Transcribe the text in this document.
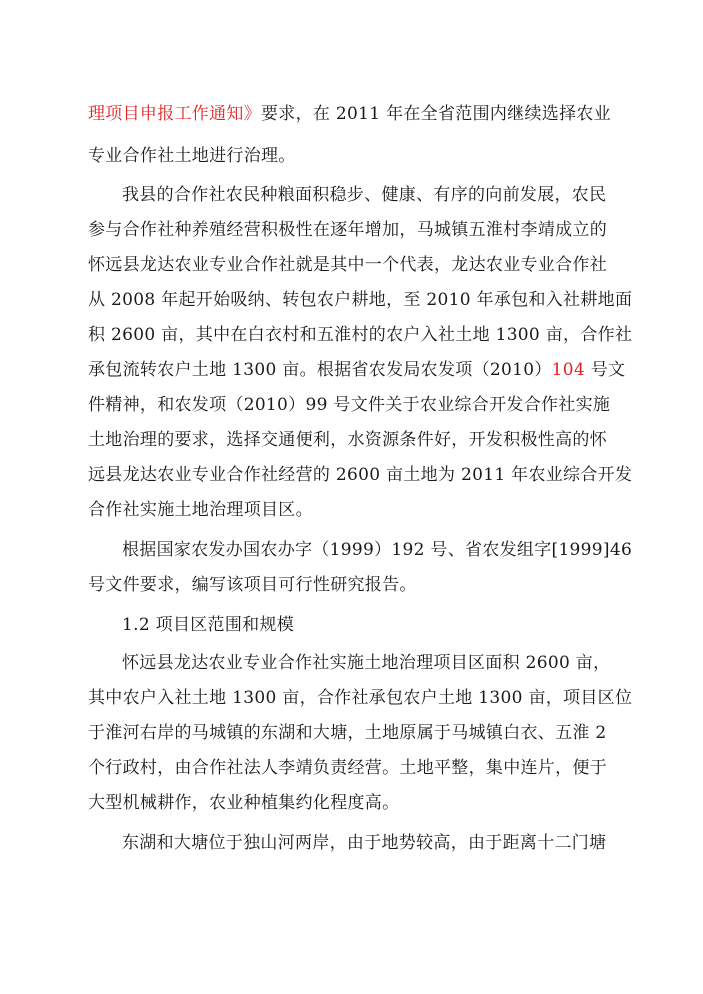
理项目申报工作通知》要求，在 2011 年在全省范围内继续选择农业
专业合作社土地进行治理。
我县的合作社农民种粮面积稳步、健康、有序的向前发展，农民
参与合作社种养殖经营积极性在逐年增加，马城镇五淮村李靖成立的
怀远县龙达农业专业合作社就是其中一个代表，龙达农业专业合作社
从 2008 年起开始吸纳、转包农户耕地，至 2010 年承包和入社耕地面
积 2600 亩，其中在白衣村和五淮村的农户入社土地 1300 亩，合作社
承包流转农户土地 1300 亩。根据省农发局农发项（2010）104 号文
件精神，和农发项（2010）99 号文件关于农业综合开发合作社实施
土地治理的要求，选择交通便利，水资源条件好，开发积极性高的怀
远县龙达农业专业合作社经营的 2600 亩土地为 2011 年农业综合开发
合作社实施土地治理项目区。
根据国家农发办国农办字（1999）192 号、省农发组字[1999]46
号文件要求，编写该项目可行性研究报告。
1.2 项目区范围和规模
怀远县龙达农业专业合作社实施土地治理项目区面积 2600 亩，
其中农户入社土地 1300 亩，合作社承包农户土地 1300 亩，项目区位
于淮河右岸的马城镇的东湖和大塘，土地原属于马城镇白衣、五淮 2
个行政村，由合作社法人李靖负责经营。土地平整，集中连片，便于
大型机械耕作，农业种植集约化程度高。
东湖和大塘位于独山河两岸，由于地势较高，由于距离十二门塘
